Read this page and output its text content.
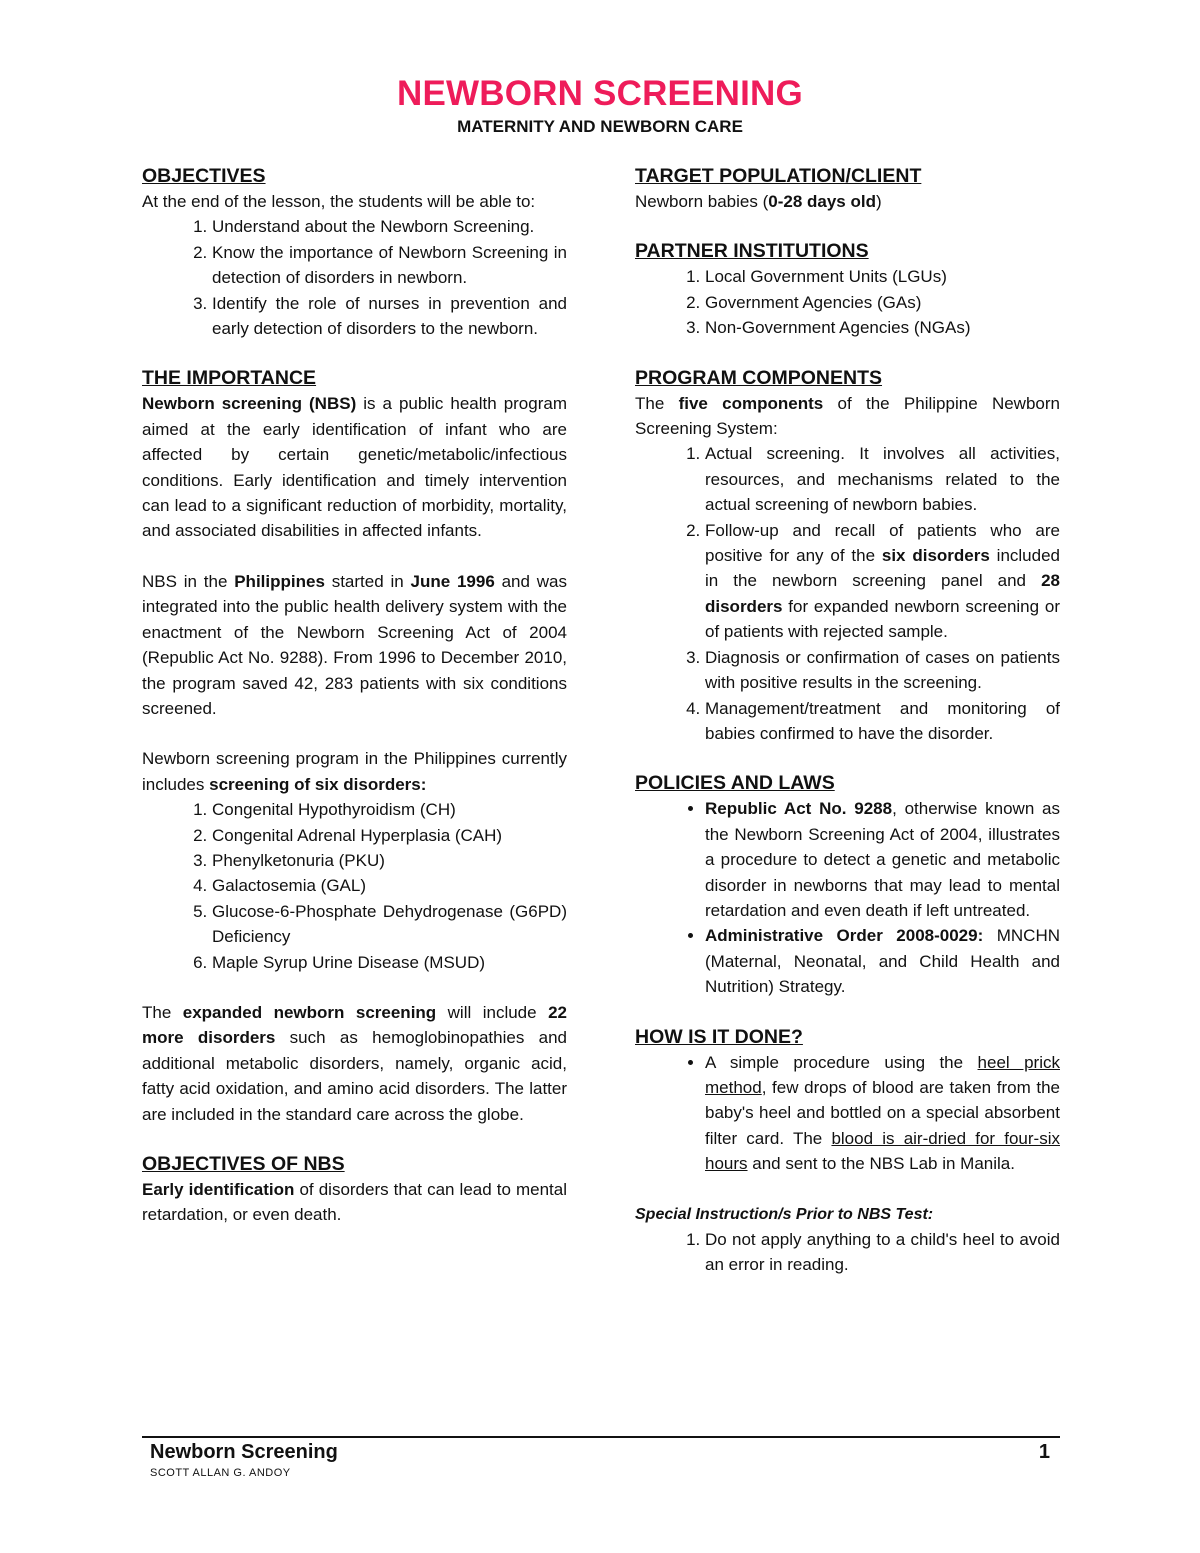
NEWBORN SCREENING
MATERNITY AND NEWBORN CARE
OBJECTIVES

At the end of the lesson, the students will be able to:

1. Understand about the Newborn Screening.
2. Know the importance of Newborn Screening in detection of disorders in newborn.
3. Identify the role of nurses in prevention and early detection of disorders to the newborn.
THE IMPORTANCE

Newborn screening (NBS) is a public health program aimed at the early identification of infant who are affected by certain genetic/metabolic/infectious conditions. Early identification and timely intervention can lead to a significant reduction of morbidity, mortality, and associated disabilities in affected infants.

NBS in the Philippines started in June 1996 and was integrated into the public health delivery system with the enactment of the Newborn Screening Act of 2004 (Republic Act No. 9288). From 1996 to December 2010, the program saved 42, 283 patients with six conditions screened.

Newborn screening program in the Philippines currently includes screening of six disorders:

1. Congenital Hypothyroidism (CH)
2. Congenital Adrenal Hyperplasia (CAH)
3. Phenylketonuria (PKU)
4. Galactosemia (GAL)
5. Glucose-6-Phosphate Dehydrogenase (G6PD) Deficiency
6. Maple Syrup Urine Disease (MSUD)

The expanded newborn screening will include 22 more disorders such as hemoglobinopathies and additional metabolic disorders, namely, organic acid, fatty acid oxidation, and amino acid disorders. The latter are included in the standard care across the globe.

OBJECTIVES OF NBS

Early identification of disorders that can lead to mental retardation, or even death.

TARGET POPULATION/CLIENT

Newborn babies (0-28 days old)

PARTNER INSTITUTIONS
1. Local Government Units (LGUs)
2. Government Agencies (GAs)
3. Non-Government Agencies (NGAs)
PROGRAM COMPONENTS

The five components of the Philippine Newborn Screening System:

1. Actual screening. It involves all activities, resources, and mechanisms related to the actual screening of newborn babies.
2. Follow-up and recall of patients who are positive for any of the six disorders included in the newborn screening panel and 28 disorders for expanded newborn screening or of patients with rejected sample.
3. Diagnosis or confirmation of cases on patients with positive results in the screening.
4. Management/treatment and monitoring of babies confirmed to have the disorder.
POLICIES AND LAWS
• Republic Act No. 9288, otherwise known as the Newborn Screening Act of 2004, illustrates a procedure to detect a genetic and metabolic disorder in newborns that may lead to mental retardation and even death if left untreated.
• Administrative Order 2008-0029: MNCHN (Maternal, Neonatal, and Child Health and Nutrition) Strategy.
HOW IS IT DONE?
• A simple procedure using the heel prick method, few drops of blood are taken from the baby's heel and bottled on a special absorbent filter card. The blood is air-dried for four-six hours and sent to the NBS Lab in Manila.
Special Instruction/s Prior to NBS Test:
1. Do not apply anything to a child's heel to avoid an error in reading.
Newborn Screening	1
SCOTT ALLAN G. ANDOY
